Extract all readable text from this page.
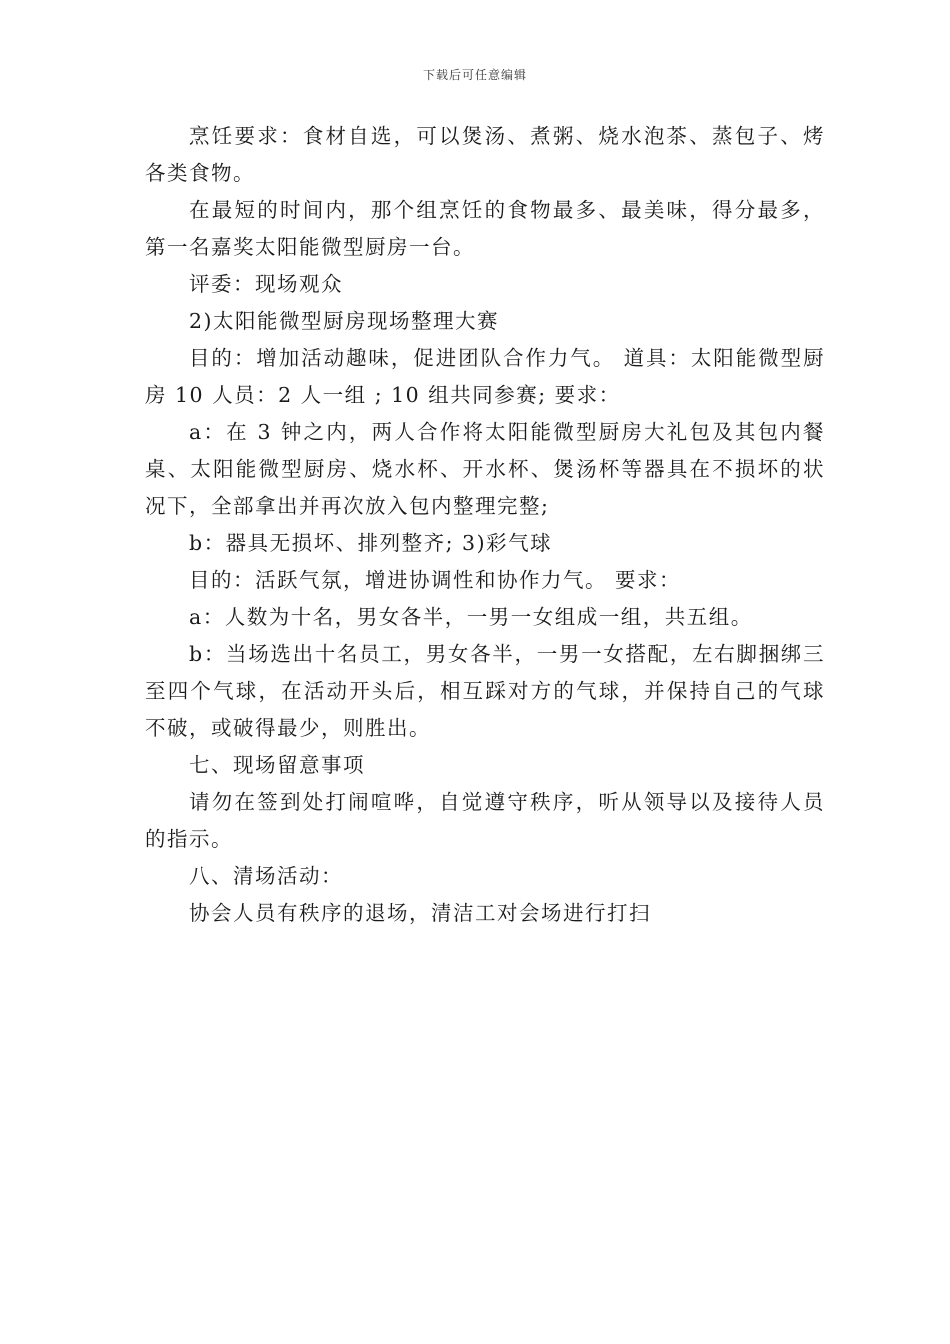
下载后可任意编辑

烹饪要求：食材自选，可以煲汤、煮粥、烧水泡茶、蒸包子、烤各类食物。

在最短的时间内，那个组烹饪的食物最多、最美味，得分最多，第一名嘉奖太阳能微型厨房一台。

评委：现场观众

2)太阳能微型厨房现场整理大赛

目的：增加活动趣味，促进团队合作力气。 道具：太阳能微型厨房 10 人员：2 人一组 ; 10 组共同参赛; 要求：

a：在 3 钟之内，两人合作将太阳能微型厨房大礼包及其包内餐桌、太阳能微型厨房、烧水杯、开水杯、煲汤杯等器具在不损坏的状况下，全部拿出并再次放入包内整理完整;

b：器具无损坏、排列整齐; 3)彩气球

目的：活跃气氛，增进协调性和协作力气。 要求：

a：人数为十名，男女各半，一男一女组成一组，共五组。

b：当场选出十名员工，男女各半，一男一女搭配，左右脚捆绑三至四个气球，在活动开头后，相互踩对方的气球，并保持自己的气球不破，或破得最少，则胜出。

七、现场留意事项

请勿在签到处打闹喧哗，自觉遵守秩序，听从领导以及接待人员的指示。

八、清场活动：

协会人员有秩序的退场，清洁工对会场进行打扫
